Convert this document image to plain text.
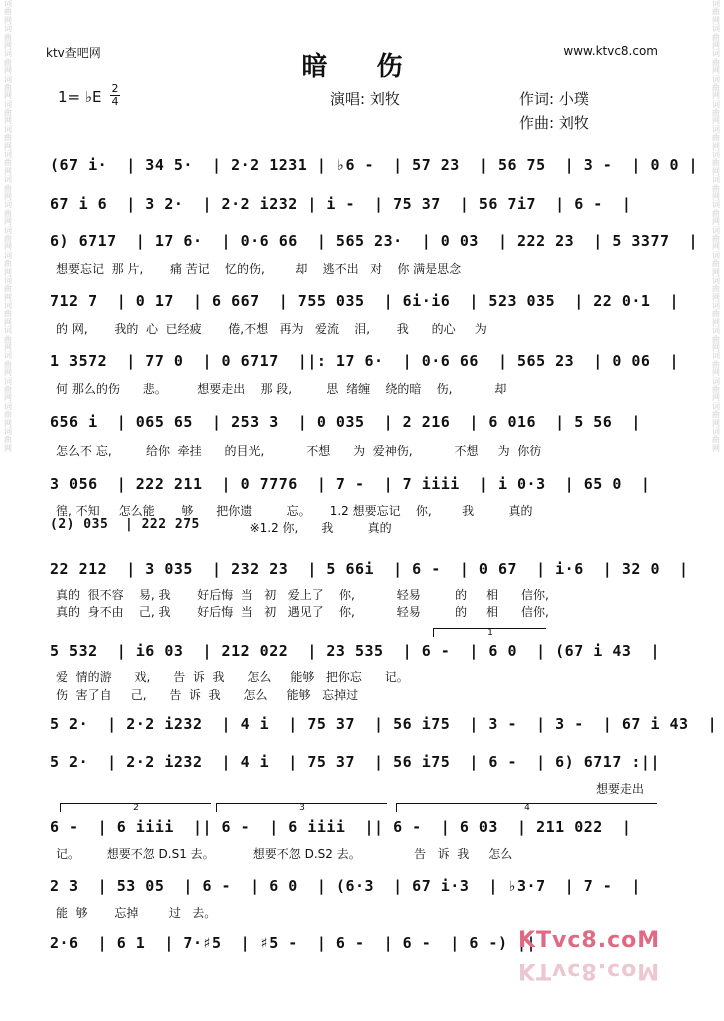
词
曲
网
词
曲
网
词
曲
网
词
曲
网
词
曲
网
词
曲
网
词
曲
网
词
曲
网
词
曲
网
词
曲
网
词
曲
网
词
曲
网
词
曲
网
词
曲
网
词
曲
网
词
曲
网
词
曲
网
词
曲
网
词
曲
网
词
曲
网
词
曲
网
词
曲
网
词
曲
网
词
曲
网
词
曲
网
词
曲
网
词
曲
网
词
曲
网
词
曲
网
词
曲
网
词
曲
网
词
曲
网
词
曲
网
词
曲
网
词
曲
网
词
曲
网
ktv查吧网	www.ktvc8.com
暗 伤
1= ♭E 2
4	演唱: 刘牧	作词: 小璞
作曲: 刘牧
(67 i·  | 34 5·  | 2·2 1231 | ♭6 -  | 57 23  | 56 75  | 3 -  | 0 0 |
67 i 6  | 3 2·  | 2·2 i232 | i -  | 75 37  | 56 7i7  | 6 -  |
6) 6717  | 17 6·  | 0·6 66  | 565 23·  | 0 03  | 222 23  | 5 3377  |
想要忘记  那 片,       痛 苦记    忆的伤,        却    逃不出   对    你 满是思念
712 7  | 0 17  | 6 667  | 755 035  | 6i·i6  | 523 035  | 22 0·1  |
的 网,       我的  心  已经疲       倦,不想   再为   爱流    泪,       我      的心     为
1 3572  | 77 0  | 0 6717  ||: 17 6·  | 0·6 66  | 565 23  | 0 06  |
何 那么的伤      悲。        想要走出    那 段,         思  绪缠    绕的暗    伤,           却
656 i  | 065 65  | 253 3  | 0 035  | 2 216  | 6 016  | 5 56  |
怎么不 忘,         给你  牵挂      的目光,           不想      为  爱神伤,           不想     为  你彷
3 056  | 222 211  | 0 7776  | 7 -  | 7 iiii  | i 0·3  | 65 0  |
徨, 不知     怎么能       够      把你遗         忘。     1.2 想要忘记    你,        我         真的
(2) 035  | 222 275 ※1.2 你,      我         真的
22 212  | 3 035  | 232 23  | 5 66i  | 6 -  | 0 67  | i·6  | 32 0  |
真的  很不容    易, 我       好后悔  当   初   爱上了    你,           轻易         的     相      信你,
真的  身不由    己, 我       好后悔  当   初   遇见了    你,           轻易         的     相      信你,
1
5 532  | i6 03  | 212 022  | 23 535  | 6 -  | 6 0  | (67 i 43  |
爱  情的游      戏,      告  诉  我      怎么     能够   把你忘      记。
伤  害了自     己,      告  诉  我      怎么     能够   忘掉过
5 2·  | 2·2 i232  | 4 i  | 75 37  | 56 i75  | 3 -  | 3 -  | 67 i 43  |
5 2·  | 2·2 i232  | 4 i  | 75 37  | 56 i75  | 6 -  | 6) 6717 :||
想要走出
2	3	4
6 -  | 6 iiii  || 6 -  | 6 iiii  || 6 -  | 6 03  | 211 022  |
记。       想要不忽 D.S1 去。          想要不忽 D.S2 去。              告   诉  我     怎么
2 3  | 53 05  | 6 -  | 6 0  | (6·3  | 67 i·3  | ♭3·7  | 7 -  |
能  够       忘掉        过   去。
2·6  | 6 1  | 7·♯5  | ♯5 -  | 6 -  | 6 -  | 6 -) ||
KTvc8.coM
KTvc8.coM
